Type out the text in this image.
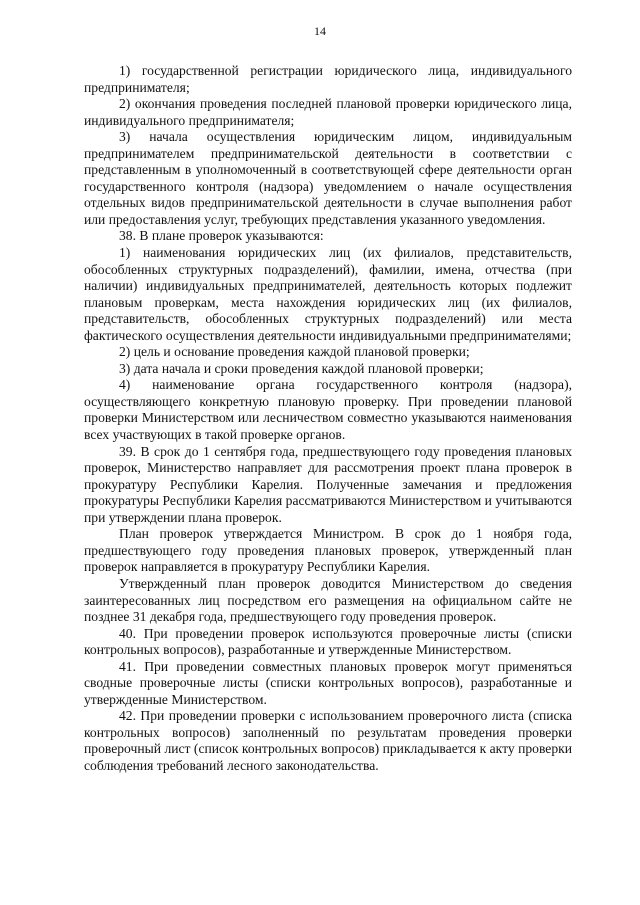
14

1) государственной регистрации юридического лица, индивидуального предпринимателя;

2) окончания проведения последней плановой проверки юридического лица, индивидуального предпринимателя;

3) начала осуществления юридическим лицом, индивидуальным предпринимателем предпринимательской деятельности в соответствии с представленным в уполномоченный в соответствующей сфере деятельности орган государственного контроля (надзора) уведомлением о начале осуществления отдельных видов предпринимательской деятельности в случае выполнения работ или предоставления услуг, требующих представления указанного уведомления.

38. В плане проверок указываются:

1) наименования юридических лиц (их филиалов, представительств, обособленных структурных подразделений), фамилии, имена, отчества (при наличии) индивидуальных предпринимателей, деятельность которых подлежит плановым проверкам, места нахождения юридических лиц (их филиалов, представительств, обособленных структурных подразделений) или места фактического осуществления деятельности индивидуальными предпринимателями;

2) цель и основание проведения каждой плановой проверки;

3) дата начала и сроки проведения каждой плановой проверки;

4) наименование органа государственного контроля (надзора), осуществляющего конкретную плановую проверку. При проведении плановой проверки Министерством или лесничеством совместно указываются наименования всех участвующих в такой проверке органов.

39. В срок до 1 сентября года, предшествующего году проведения плановых проверок, Министерство направляет для рассмотрения проект плана проверок в прокуратуру Республики Карелия. Полученные замечания и предложения прокуратуры Республики Карелия рассматриваются Министерством и учитываются при утверждении плана проверок.

План проверок утверждается Министром. В срок до 1 ноября года, предшествующего году проведения плановых проверок, утвержденный план проверок направляется в прокуратуру Республики Карелия.

Утвержденный план проверок доводится Министерством до сведения заинтересованных лиц посредством его размещения на официальном сайте не позднее 31 декабря года, предшествующего году проведения проверок.

40. При проведении проверок используются проверочные листы (списки контрольных вопросов), разработанные и утвержденные Министерством.

41. При проведении совместных плановых проверок могут применяться сводные проверочные листы (списки контрольных вопросов), разработанные и утвержденные Министерством.

42. При проведении проверки с использованием проверочного листа (списка контрольных вопросов) заполненный по результатам проведения проверки проверочный лист (список контрольных вопросов) прикладывается к акту проверки соблюдения требований лесного законодательства.
